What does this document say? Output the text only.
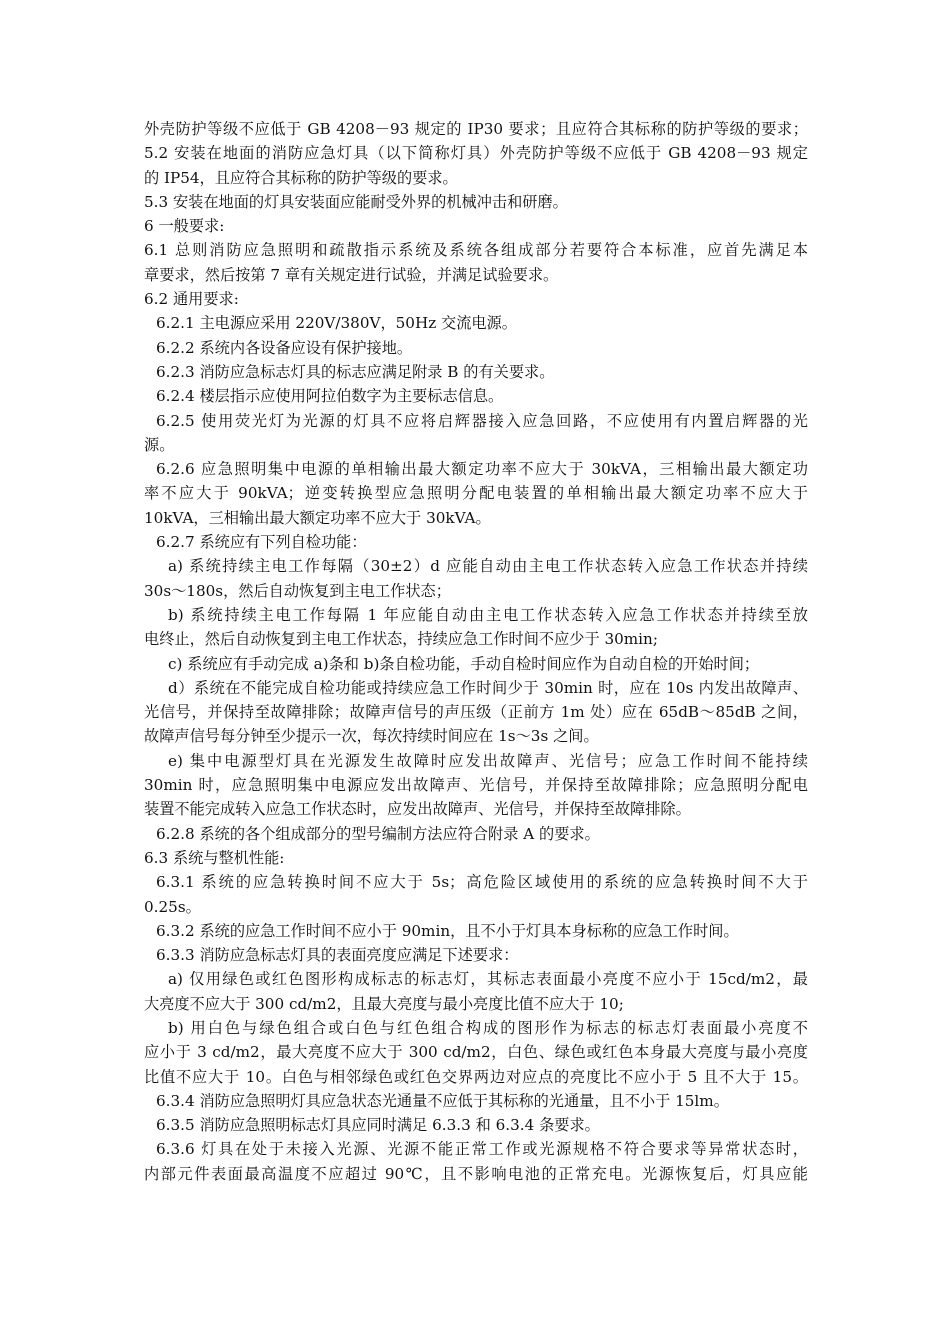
外壳防护等级不应低于 GB 4208－93 规定的 IP30 要求；且应符合其标称的防护等级的要求；
5.2 安装在地面的消防应急灯具（以下简称灯具）外壳防护等级不应低于 GB 4208－93 规定
的 IP54，且应符合其标称的防护等级的要求。
5.3 安装在地面的灯具安装面应能耐受外界的机械冲击和研磨。
6 一般要求:
6.1 总则消防应急照明和疏散指示系统及系统各组成部分若要符合本标准，应首先满足本
章要求，然后按第 7 章有关规定进行试验，并满足试验要求。
6.2 通用要求:
6.2.1 主电源应采用 220V/380V，50Hz 交流电源。
6.2.2 系统内各设备应设有保护接地。
6.2.3 消防应急标志灯具的标志应满足附录 B 的有关要求。
6.2.4 楼层指示应使用阿拉伯数字为主要标志信息。
6.2.5 使用荧光灯为光源的灯具不应将启辉器接入应急回路，不应使用有内置启辉器的光
源。
6.2.6 应急照明集中电源的单相输出最大额定功率不应大于 30kVA，三相输出最大额定功
率不应大于 90kVA；逆变转换型应急照明分配电装置的单相输出最大额定功率不应大于
10kVA，三相输出最大额定功率不应大于 30kVA。
6.2.7 系统应有下列自检功能：
a) 系统持续主电工作每隔（30±2）d 应能自动由主电工作状态转入应急工作状态并持续
30s～180s，然后自动恢复到主电工作状态；
b) 系统持续主电工作每隔 1 年应能自动由主电工作状态转入应急工作状态并持续至放
电终止，然后自动恢复到主电工作状态，持续应急工作时间不应少于 30min;
c) 系统应有手动完成 a)条和 b)条自检功能，手动自检时间应作为自动自检的开始时间；
d）系统在不能完成自检功能或持续应急工作时间少于 30min 时，应在 10s 内发出故障声、
光信号，并保持至故障排除；故障声信号的声压级（正前方 1m 处）应在 65dB～85dB 之间，
故障声信号每分钟至少提示一次，每次持续时间应在 1s～3s 之间。
e) 集中电源型灯具在光源发生故障时应发出故障声、光信号；应急工作时间不能持续
30min 时，应急照明集中电源应发出故障声、光信号，并保持至故障排除；应急照明分配电
装置不能完成转入应急工作状态时，应发出故障声、光信号，并保持至故障排除。
6.2.8 系统的各个组成部分的型号编制方法应符合附录 A 的要求。
6.3 系统与整机性能:
6.3.1 系统的应急转换时间不应大于 5s；高危险区域使用的系统的应急转换时间不大于
0.25s。
6.3.2 系统的应急工作时间不应小于 90min，且不小于灯具本身标称的应急工作时间。
6.3.3 消防应急标志灯具的表面亮度应满足下述要求：
a) 仅用绿色或红色图形构成标志的标志灯，其标志表面最小亮度不应小于 15cd/m2，最
大亮度不应大于 300 cd/m2，且最大亮度与最小亮度比值不应大于 10;
b) 用白色与绿色组合或白色与红色组合构成的图形作为标志的标志灯表面最小亮度不
应小于 3 cd/m2，最大亮度不应大于 300 cd/m2，白色、绿色或红色本身最大亮度与最小亮度
比值不应大于 10。白色与相邻绿色或红色交界两边对应点的亮度比不应小于 5 且不大于 15。
6.3.4 消防应急照明灯具应急状态光通量不应低于其标称的光通量，且不小于 15lm。
6.3.5 消防应急照明标志灯具应同时满足 6.3.3 和 6.3.4 条要求。
6.3.6 灯具在处于未接入光源、光源不能正常工作或光源规格不符合要求等异常状态时，
内部元件表面最高温度不应超过 90℃，且不影响电池的正常充电。光源恢复后，灯具应能
